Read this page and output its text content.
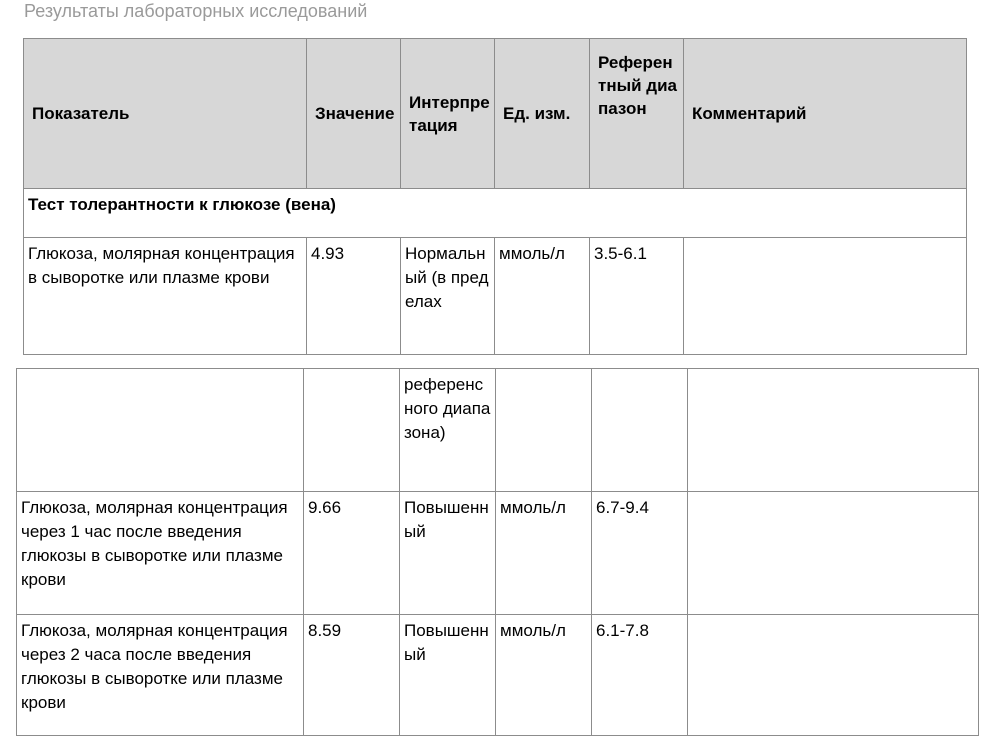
Результаты лабораторных исследований
Показатель	Значение	Интерпретация	Ед. изм.	Референтный диапазон	Комментарий
Тест толерантности к глюкозе (вена)					
Глюкоза, молярная концентрация в сыворотке или плазме крови	4.93	Нормальный (в пределах	ммоль/л	3.5-6.1	
		референсного диапазона)			
Глюкоза, молярная концентрация через 1 час после введения глюкозы в сыворотке или плазме крови	9.66	Повышенный	ммоль/л	6.7-9.4	
Глюкоза, молярная концентрация через 2 часа после введения глюкозы в сыворотке или плазме крови	8.59	Повышенный	ммоль/л	6.1-7.8	
